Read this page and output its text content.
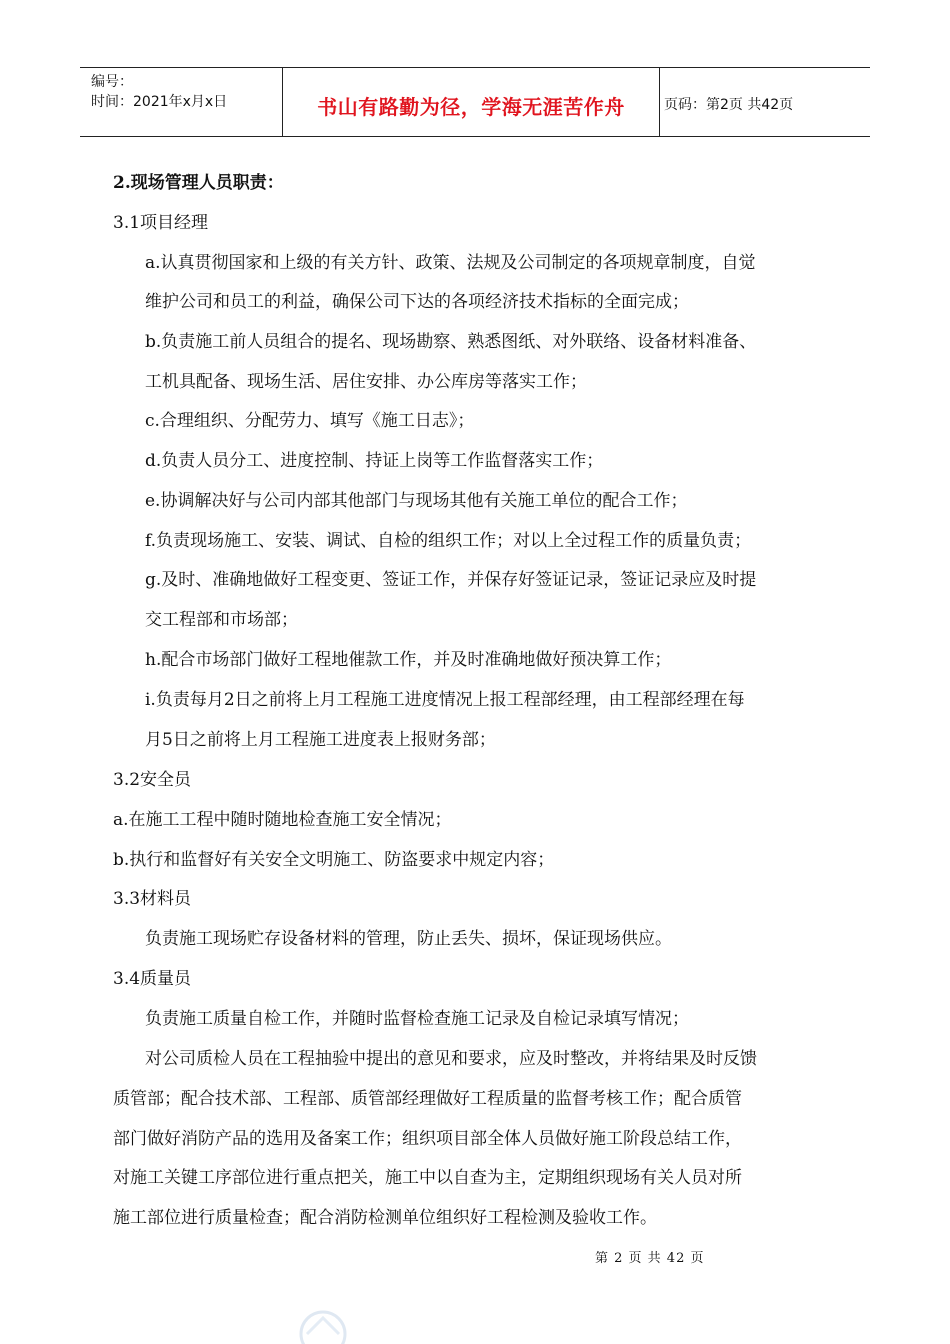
编号：
时间：2021年x月x日	书山有路勤为径，学海无涯苦作舟	页码：第2页 共42页
2.现场管理人员职责：
3.1项目经理
a.认真贯彻国家和上级的有关方针、政策、法规及公司制定的各项规章制度，自觉
维护公司和员工的利益，确保公司下达的各项经济技术指标的全面完成；
b.负责施工前人员组合的提名、现场勘察、熟悉图纸、对外联络、设备材料准备、
工机具配备、现场生活、居住安排、办公库房等落实工作；
c.合理组织、分配劳力、填写《施工日志》；
d.负责人员分工、进度控制、持证上岗等工作监督落实工作；
e.协调解决好与公司内部其他部门与现场其他有关施工单位的配合工作；
f.负责现场施工、安装、调试、自检的组织工作；对以上全过程工作的质量负责；
g.及时、准确地做好工程变更、签证工作，并保存好签证记录，签证记录应及时提
交工程部和市场部；
h.配合市场部门做好工程地催款工作，并及时准确地做好预决算工作；
i.负责每月2日之前将上月工程施工进度情况上报工程部经理，由工程部经理在每
月5日之前将上月工程施工进度表上报财务部；
3.2安全员
a.在施工工程中随时随地检查施工安全情况；
b.执行和监督好有关安全文明施工、防盗要求中规定内容；
3.3材料员
负责施工现场贮存设备材料的管理，防止丢失、损坏，保证现场供应。
3.4质量员
负责施工质量自检工作，并随时监督检查施工记录及自检记录填写情况；
对公司质检人员在工程抽验中提出的意见和要求，应及时整改，并将结果及时反馈
质管部；配合技术部、工程部、质管部经理做好工程质量的监督考核工作；配合质管
部门做好消防产品的选用及备案工作；组织项目部全体人员做好施工阶段总结工作，
对施工关键工序部位进行重点把关，施工中以自查为主，定期组织现场有关人员对所
施工部位进行质量检查；配合消防检测单位组织好工程检测及验收工作。
第 2 页 共 42 页
